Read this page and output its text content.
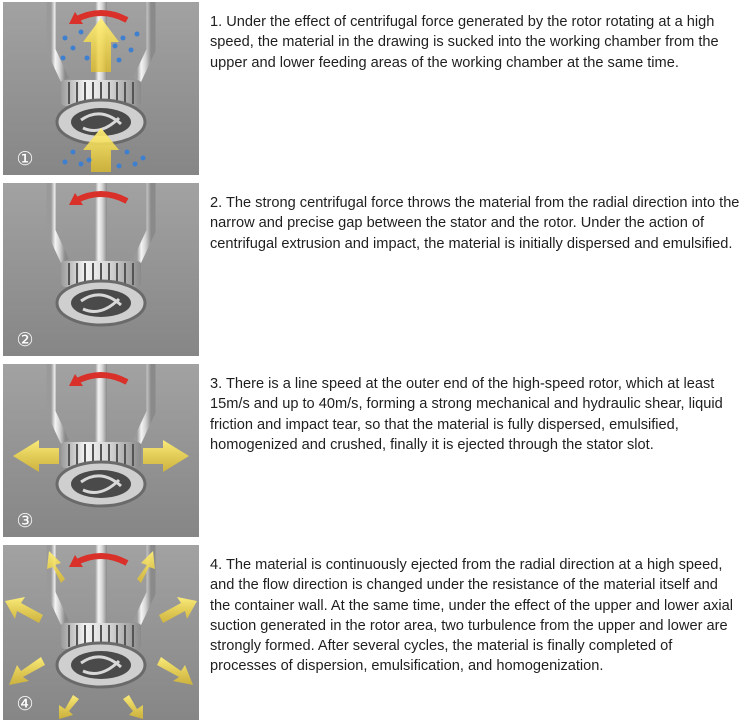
①

1. Under the effect of centrifugal force generated by the rotor rotating at a high speed, the material in the drawing is sucked into the working chamber from the upper and lower feeding areas of the working chamber at the same time.

②

2. The strong centrifugal force throws the material from the radial direction into the narrow and precise gap between the stator and the rotor. Under the action of centrifugal extrusion and impact, the material is initially dispersed and emulsified.

③

3. There is a line speed at the outer end of the high-speed rotor, which at least 15m/s and up to 40m/s, forming a strong mechanical and hydraulic shear, liquid friction and impact tear, so that the material is fully dispersed, emulsified, homogenized and crushed, finally it is ejected through the stator slot.

④

4. The material is continuously ejected from the radial direction at a high speed, and the flow direction is changed under the resistance of the material itself and the container wall. At the same time, under the effect of the upper and lower axial suction generated in the rotor area, two turbulence from the upper and lower are strongly formed. After several cycles, the material is finally completed of processes of dispersion, emulsification, and homogenization.
